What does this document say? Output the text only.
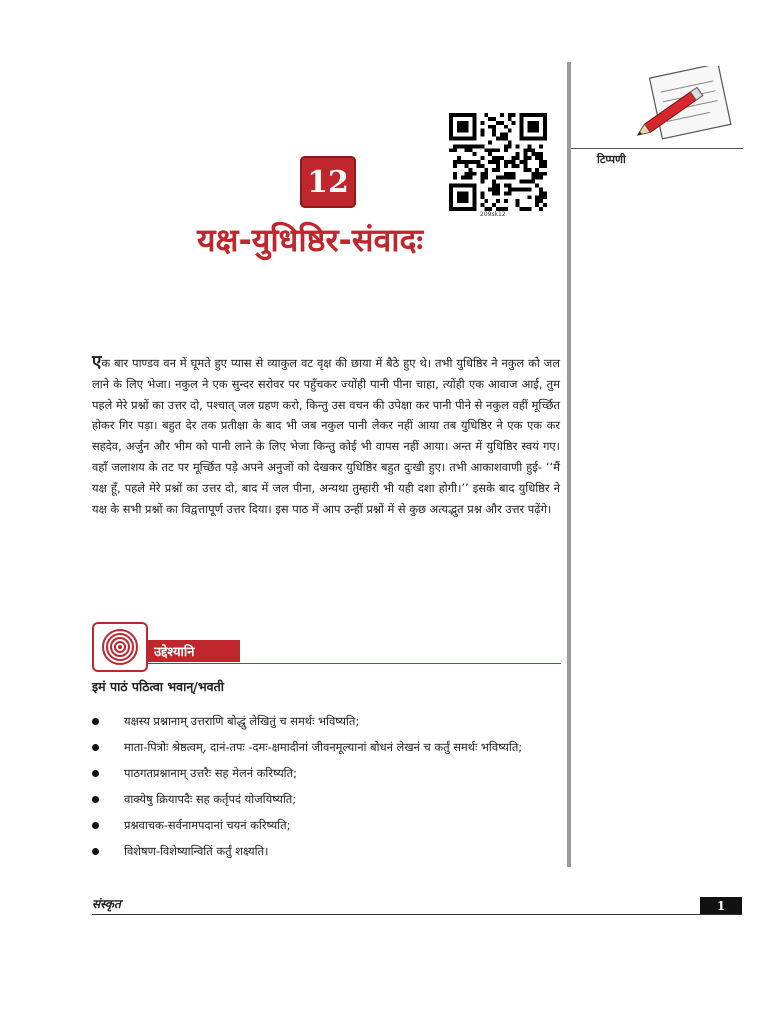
टिप्पणी
209sk12
12
यक्ष-युधिष्ठिर-संवादः

एक बार पाण्डव वन में घूमते हुए प्यास से व्याकुल वट वृक्ष की छाया में बैठे हुए थे। तभी युधिष्ठिर ने नकुल को जल लाने के लिए भेजा। नकुल ने एक सुन्दर सरोवर पर पहुँचकर ज्योंही पानी पीना चाहा, त्योंही एक आवाज आई, तुम पहले मेरे प्रश्नों का उत्तर दो, पश्चात् जल ग्रहण करो, किन्तु उस वचन की उपेक्षा कर पानी पीने से नकुल वहीं मूर्च्छित होकर गिर पड़ा। बहुत देर तक प्रतीक्षा के बाद भी जब नकुल पानी लेकर नहीं आया तब युधिष्ठिर ने एक एक कर सहदेव, अर्जुन और भीम को पानी लाने के लिए भेजा किन्तु कोई भी वापस नहीं आया। अन्त में युधिष्ठिर स्वयं गए। वहाँ जलाशय के तट पर मूर्च्छित पड़े अपने अनुजों को देखकर युधिष्ठिर बहुत दुःखी हुए। तभी आकाशवाणी हुई- ‘‘मैं यक्ष हूँ, पहले मेरे प्रश्नों का उत्तर दो, बाद में जल पीना, अन्यथा तुम्हारी भी यही दशा होगी।’’ इसके बाद युधिष्ठिर ने यक्ष के सभी प्रश्नों का विद्वत्तापूर्ण उत्तर दिया। इस पाठ में आप उन्हीं प्रश्नों में से कुछ अत्यद्भुत प्रश्न और उत्तर पढ़ेंगे।

उद्देश्यानि
इमं पाठं पठित्वा भवान्/भवती
यक्षस्य प्रश्नानाम् उत्तराणि बोद्धुं लेखितुं च समर्थः भविष्यति;
माता-पित्रोः श्रेष्ठत्वम्, दानं-तपः -दमः-क्षमादीनां जीवनमूल्यानां बोधनं लेखनं च कर्तुं समर्थः भविष्यति;
पाठगतप्रश्नानाम् उत्तरैः सह मेलनं करिष्यति;
वाक्येषु क्रियापदैः सह कर्तृपदं योजयिष्यति;
प्रश्नवाचक-सर्वनामपदानां चयनं करिष्यति;
विशेषण-विशेष्यान्वितिं कर्तुं शक्ष्यति।
संस्कृत	1
